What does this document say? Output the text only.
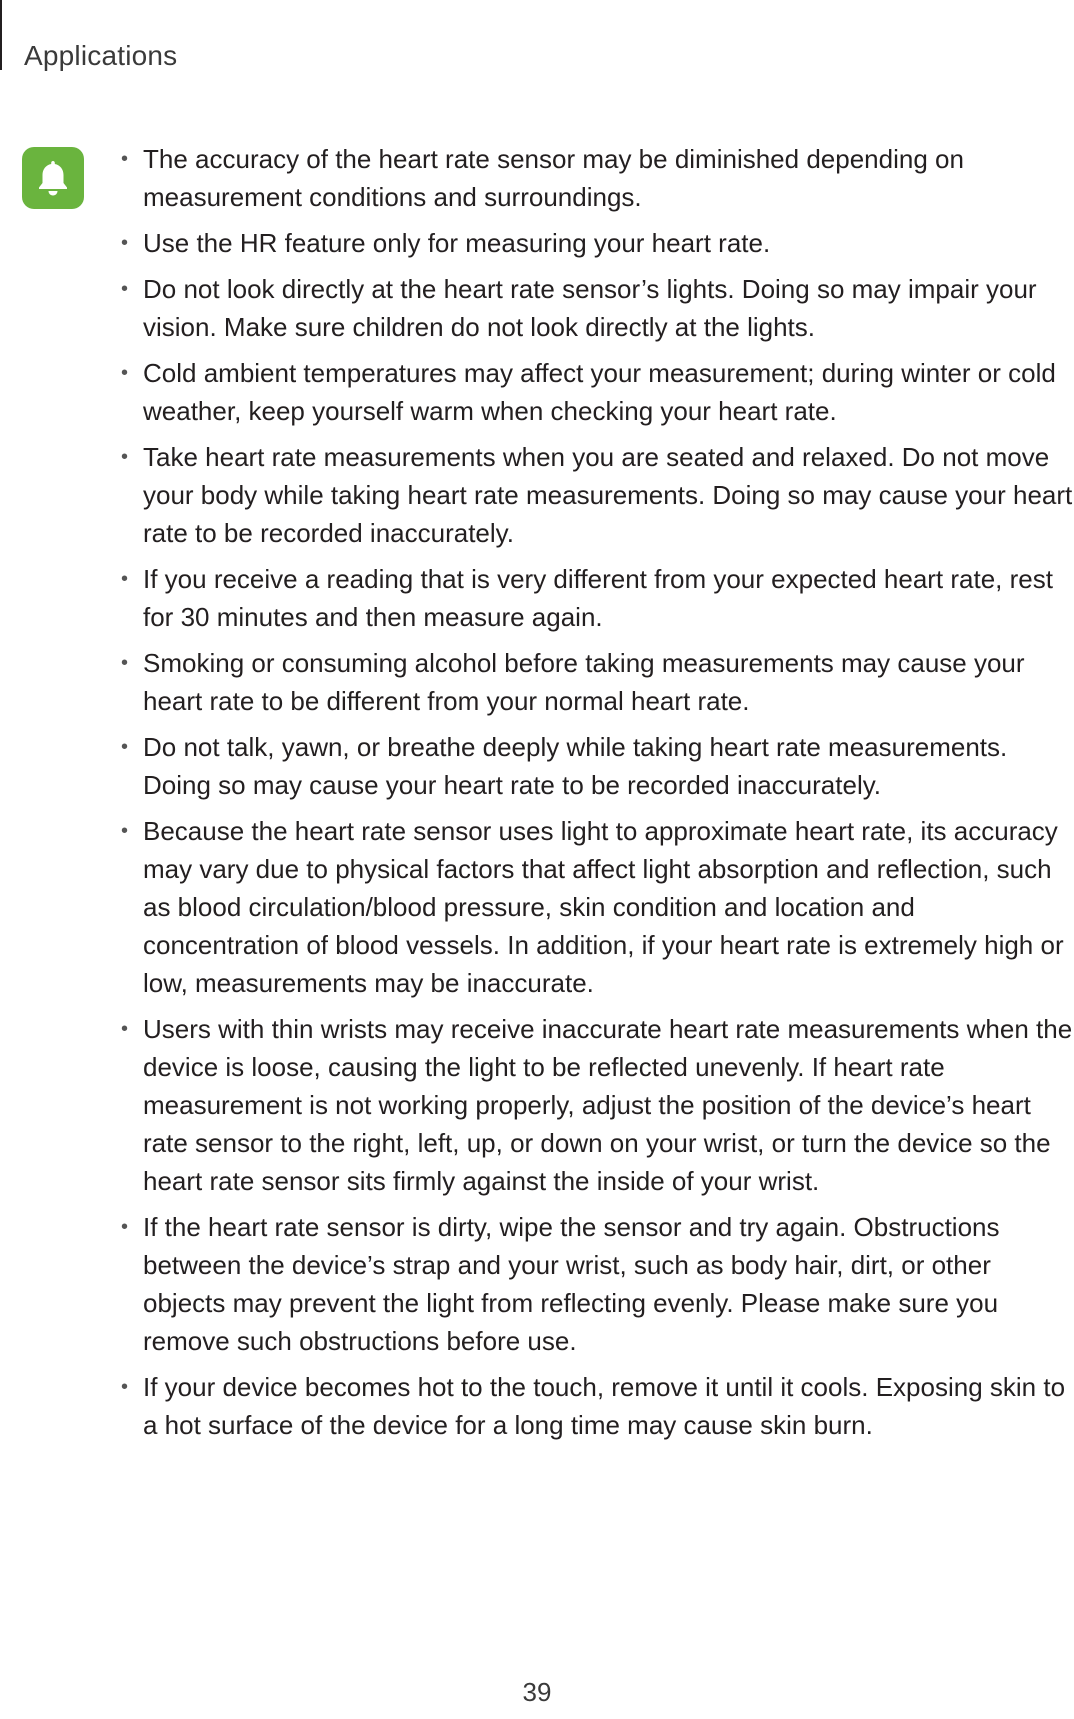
Applications
• The accuracy of the heart rate sensor may be diminished depending on measurement conditions and surroundings.
• Use the HR feature only for measuring your heart rate.
• Do not look directly at the heart rate sensor’s lights. Doing so may impair your vision. Make sure children do not look directly at the lights.
• Cold ambient temperatures may affect your measurement; during winter or cold weather, keep yourself warm when checking your heart rate.
• Take heart rate measurements when you are seated and relaxed. Do not move your body while taking heart rate measurements. Doing so may cause your heart rate to be recorded inaccurately.
• If you receive a reading that is very different from your expected heart rate, rest for 30 minutes and then measure again.
• Smoking or consuming alcohol before taking measurements may cause your heart rate to be different from your normal heart rate.
• Do not talk, yawn, or breathe deeply while taking heart rate measurements. Doing so may cause your heart rate to be recorded inaccurately.
• Because the heart rate sensor uses light to approximate heart rate, its accuracy may vary due to physical factors that affect light absorption and reflection, such as blood circulation/blood pressure, skin condition and location and concentration of blood vessels. In addition, if your heart rate is extremely high or low, measurements may be inaccurate.
• Users with thin wrists may receive inaccurate heart rate measurements when the device is loose, causing the light to be reflected unevenly. If heart rate measurement is not working properly, adjust the position of the device’s heart rate sensor to the right, left, up, or down on your wrist, or turn the device so the heart rate sensor sits firmly against the inside of your wrist.
• If the heart rate sensor is dirty, wipe the sensor and try again. Obstructions between the device’s strap and your wrist, such as body hair, dirt, or other objects may prevent the light from reflecting evenly. Please make sure you remove such obstructions before use.
• If your device becomes hot to the touch, remove it until it cools. Exposing skin to a hot surface of the device for a long time may cause skin burn.
39
